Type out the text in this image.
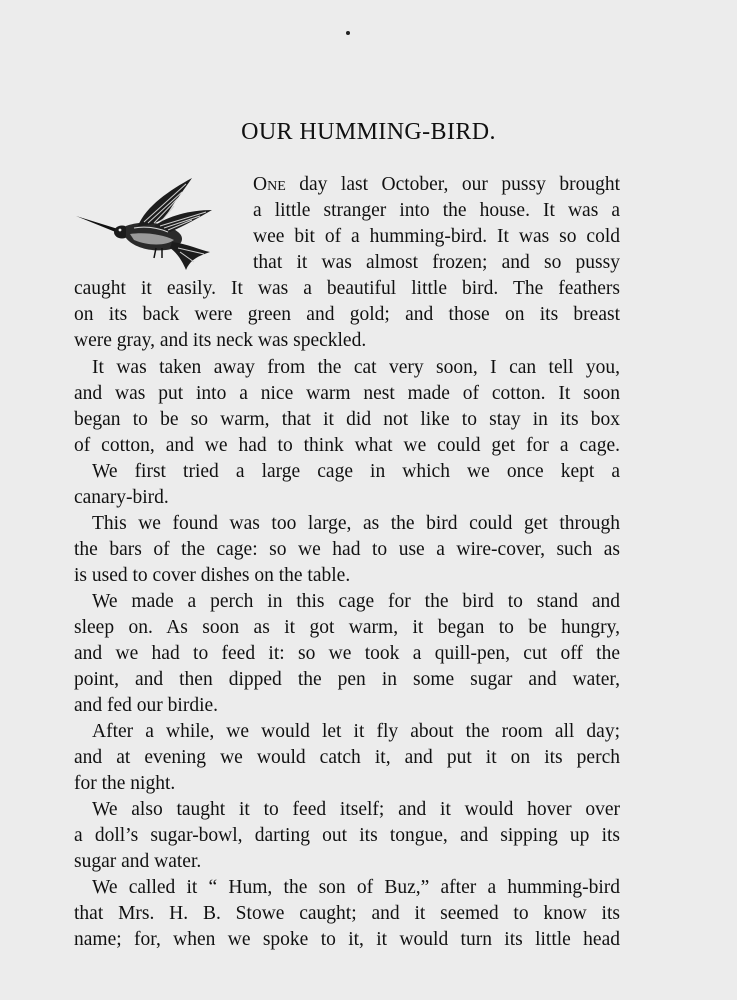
OUR HUMMING-BIRD.
One day last October, our pussy brought
a little stranger into the house. It was a
wee bit of a humming-bird. It was so cold
that it was almost frozen; and so pussy
caught it easily. It was a beautiful little bird. The feathers
on its back were green and gold; and those on its breast
were gray, and its neck was speckled.
It was taken away from the cat very soon, I can tell you,
and was put into a nice warm nest made of cotton. It soon
began to be so warm, that it did not like to stay in its box
of cotton, and we had to think what we could get for a cage.
We first tried a large cage in which we once kept a
canary-bird.
This we found was too large, as the bird could get through
the bars of the cage: so we had to use a wire-cover, such as
is used to cover dishes on the table.
We made a perch in this cage for the bird to stand and
sleep on. As soon as it got warm, it began to be hungry,
and we had to feed it: so we took a quill-pen, cut off the
point, and then dipped the pen in some sugar and water,
and fed our birdie.
After a while, we would let it fly about the room all day;
and at evening we would catch it, and put it on its perch
for the night.
We also taught it to feed itself; and it would hover over
a doll’s sugar-bowl, darting out its tongue, and sipping up its
sugar and water.
We called it “ Hum, the son of Buz,” after a humming-bird
that Mrs. H. B. Stowe caught; and it seemed to know its
name; for, when we spoke to it, it would turn its little head
